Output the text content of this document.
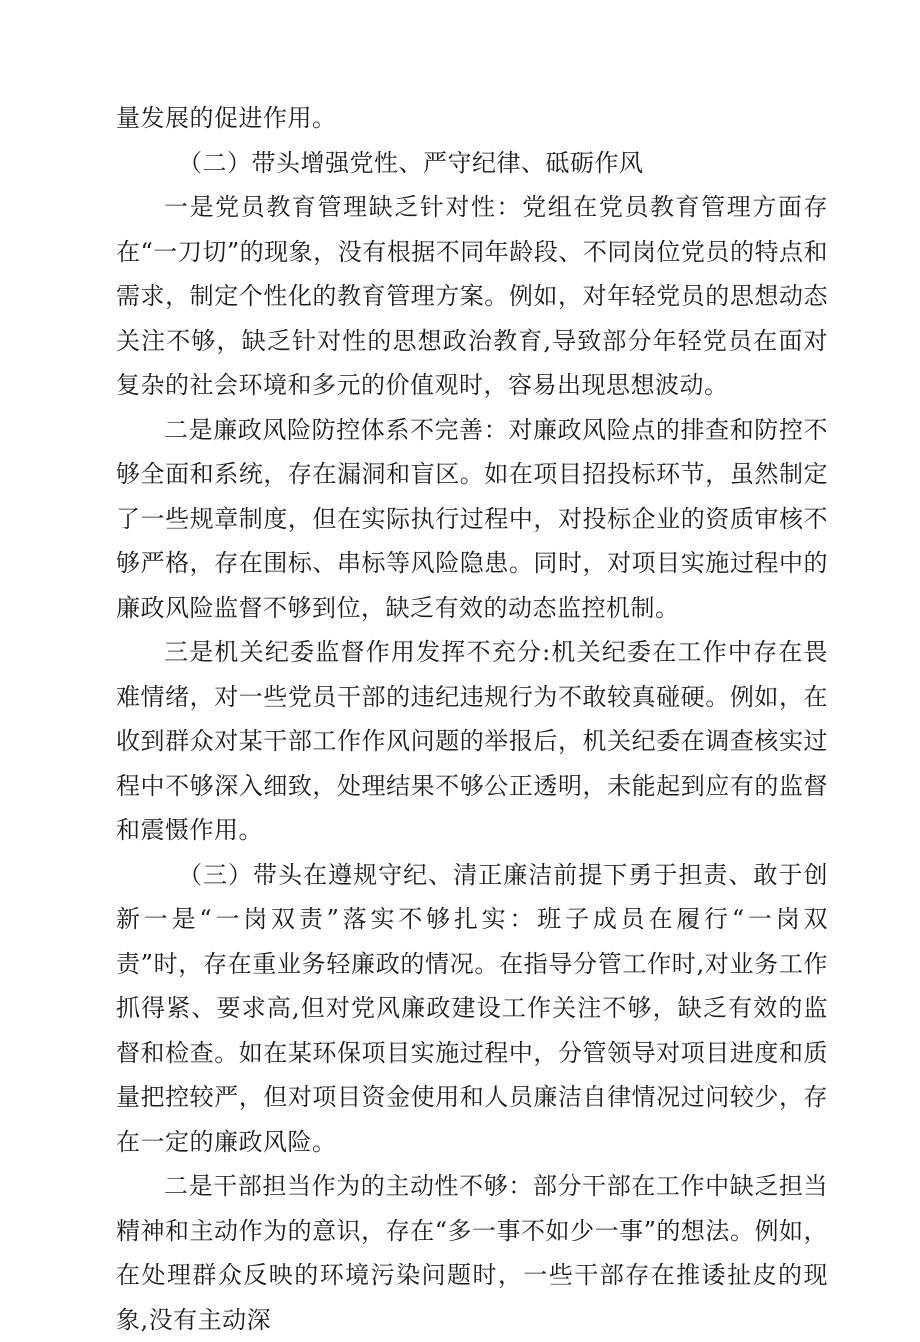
量发展的促进作用。

（二）带头增强党性、严守纪律、砥砺作风

一是党员教育管理缺乏针对性：党组在党员教育管理方面存在“一刀切”的现象，没有根据不同年龄段、不同岗位党员的特点和需求，制定个性化的教育管理方案。例如，对年轻党员的思想动态关注不够，缺乏针对性的思想政治教育,导致部分年轻党员在面对复杂的社会环境和多元的价值观时，容易出现思想波动。

二是廉政风险防控体系不完善：对廉政风险点的排查和防控不够全面和系统，存在漏洞和盲区。如在项目招投标环节，虽然制定了一些规章制度，但在实际执行过程中，对投标企业的资质审核不够严格，存在围标、串标等风险隐患。同时，对项目实施过程中的廉政风险监督不够到位，缺乏有效的动态监控机制。

三是机关纪委监督作用发挥不充分:机关纪委在工作中存在畏难情绪，对一些党员干部的违纪违规行为不敢较真碰硬。例如，在收到群众对某干部工作作风问题的举报后，机关纪委在调查核实过程中不够深入细致，处理结果不够公正透明，未能起到应有的监督和震慑作用。

（三）带头在遵规守纪、清正廉洁前提下勇于担责、敢于创新一是“一岗双责”落实不够扎实：班子成员在履行“一岗双责”时，存在重业务轻廉政的情况。在指导分管工作时,对业务工作抓得紧、要求高,但对党风廉政建设工作关注不够，缺乏有效的监督和检查。如在某环保项目实施过程中，分管领导对项目进度和质量把控较严，但对项目资金使用和人员廉洁自律情况过问较少，存在一定的廉政风险。

二是干部担当作为的主动性不够：部分干部在工作中缺乏担当精神和主动作为的意识，存在“多一事不如少一事”的想法。例如，在处理群众反映的环境污染问题时，一些干部存在推诿扯皮的现象,没有主动深
